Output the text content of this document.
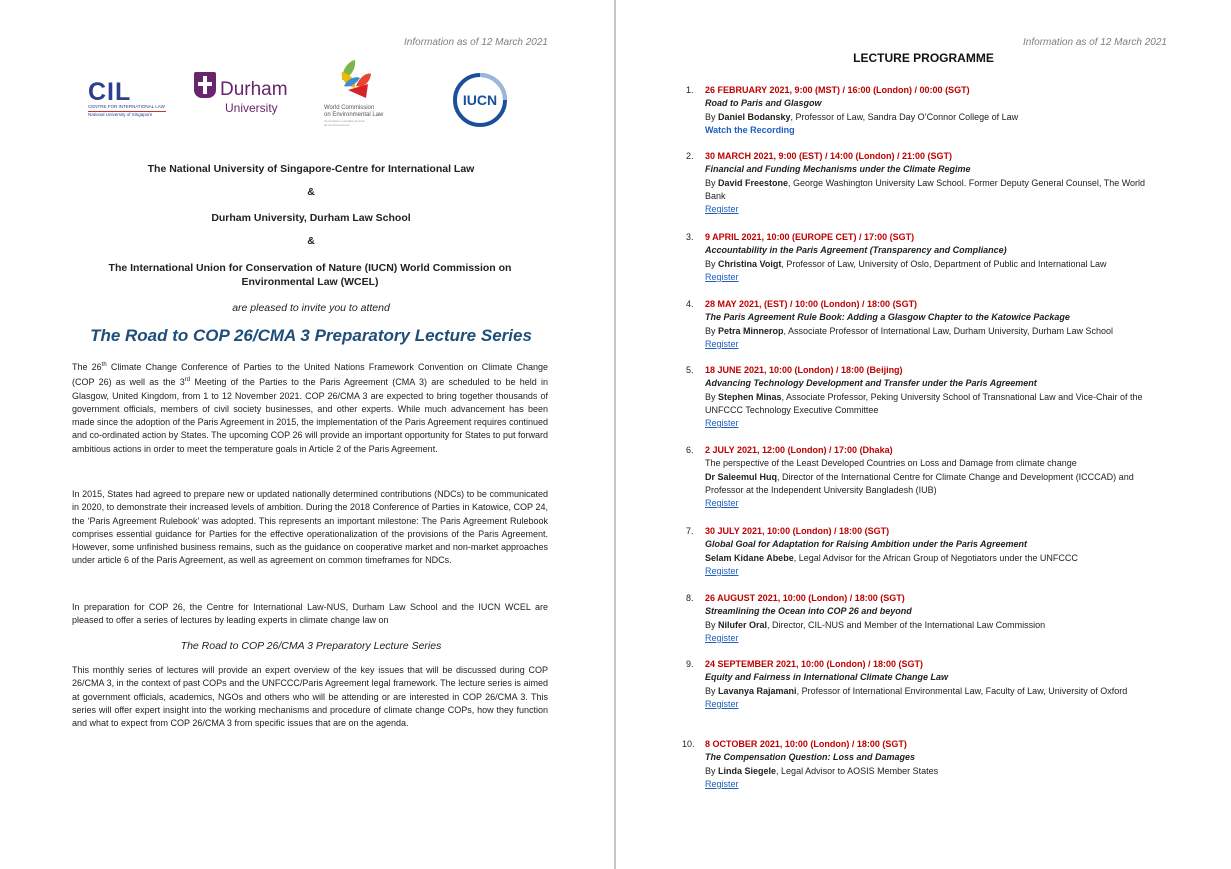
Information as of 12 March 2021
CIL
CENTRE FOR INTERNATIONAL LAW
National University of Singapore
Durham
University	World Commission
on Environmental Law
Commission mondiale du droit
de l'environnement
IUCN
The National University of Singapore-Centre for International Law
&
Durham University, Durham Law School
&
The International Union for Conservation of Nature (IUCN) World Commission on Environmental Law (WCEL)
are pleased to invite you to attend
The Road to COP 26/CMA 3 Preparatory Lecture Series
The 26th Climate Change Conference of Parties to the United Nations Framework Convention on Climate Change (COP 26) as well as the 3rd Meeting of the Parties to the Paris Agreement (CMA 3) are scheduled to be held in Glasgow, United Kingdom, from 1 to 12 November 2021. COP 26/CMA 3 are expected to bring together thousands of government officials, members of civil society businesses, and other experts. While much advancement has been made since the adoption of the Paris Agreement in 2015, the implementation of the Paris Agreement requires continued and co-ordinated action by States. The upcoming COP 26 will provide an important opportunity for States to put forward ambitious actions in order to meet the temperature goals in Article 2 of the Paris Agreement.
In 2015, States had agreed to prepare new or updated nationally determined contributions (NDCs) to be communicated in 2020, to demonstrate their increased levels of ambition. During the 2018 Conference of Parties in Katowice, COP 24, the ‘Paris Agreement Rulebook’ was adopted. This represents an important milestone: The Paris Agreement Rulebook comprises essential guidance for Parties for the effective operationalization of the provisions of the Paris Agreement. However, some unfinished business remains, such as the guidance on cooperative market and non-market approaches under article 6 of the Paris Agreement, as well as agreement on common timeframes for NDCs.
In preparation for COP 26, the Centre for International Law-NUS, Durham Law School and the IUCN WCEL are pleased to offer a series of lectures by leading experts in climate change law on
The Road to COP 26/CMA 3 Preparatory Lecture Series
This monthly series of lectures will provide an expert overview of the key issues that will be discussed during COP 26/CMA 3, in the context of past COPs and the UNFCCC/Paris Agreement legal framework. The lecture series is aimed at government officials, academics, NGOs and others who will be attending or are interested in COP 26/CMA 3. This series will offer expert insight into the working mechanisms and procedure of climate change COPs, how they function and what to expect from COP 26/CMA 3 from specific issues that are on the agenda.
Information as of 12 March 2021
LECTURE PROGRAMME
1.	26 FEBRUARY 2021, 9:00 (MST) / 16:00 (London) / 00:00 (SGT)
Road to Paris and Glasgow
By Daniel Bodansky, Professor of Law, Sandra Day O’Connor College of Law
Watch the Recording
2.	30 MARCH 2021, 9:00 (EST) / 14:00 (London) / 21:00 (SGT)
Financial and Funding Mechanisms under the Climate Regime
By David Freestone, George Washington University Law School. Former Deputy General Counsel, The World Bank
Register
3.	9 APRIL 2021, 10:00 (EUROPE CET) / 17:00 (SGT)
Accountability in the Paris Agreement (Transparency and Compliance)
By Christina Voigt, Professor of Law, University of Oslo, Department of Public and International Law
Register
4.	28 MAY 2021, (EST) / 10:00 (London) / 18:00 (SGT)
The Paris Agreement Rule Book: Adding a Glasgow Chapter to the Katowice Package
By Petra Minnerop, Associate Professor of International Law, Durham University, Durham Law School
Register
5.	18 JUNE 2021, 10:00 (London) / 18:00 (Beijing)
Advancing Technology Development and Transfer under the Paris Agreement
By Stephen Minas, Associate Professor, Peking University School of Transnational Law and Vice-Chair of the UNFCCC Technology Executive Committee
Register
6.	2 JULY 2021, 12:00 (London) / 17:00 (Dhaka)
The perspective of the Least Developed Countries on Loss and Damage from climate change
Dr Saleemul Huq, Director of the International Centre for Climate Change and Development (ICCCAD) and Professor at the Independent University Bangladesh (IUB)
Register
7.	30 JULY 2021, 10:00 (London) / 18:00 (SGT)
Global Goal for Adaptation for Raising Ambition under the Paris Agreement
Selam Kidane Abebe, Legal Advisor for the African Group of Negotiators under the UNFCCC
Register
8.	26 AUGUST 2021, 10:00 (London) / 18:00 (SGT)
Streamlining the Ocean into COP 26 and beyond
By Nilufer Oral, Director, CIL-NUS and Member of the International Law Commission
Register
9.	24 SEPTEMBER 2021, 10:00 (London) / 18:00 (SGT)
Equity and Fairness in International Climate Change Law
By Lavanya Rajamani, Professor of International Environmental Law, Faculty of Law, University of Oxford
Register
10.	8 OCTOBER 2021, 10:00 (London) / 18:00 (SGT)
The Compensation Question: Loss and Damages
By Linda Siegele, Legal Advisor to AOSIS Member States
Register
